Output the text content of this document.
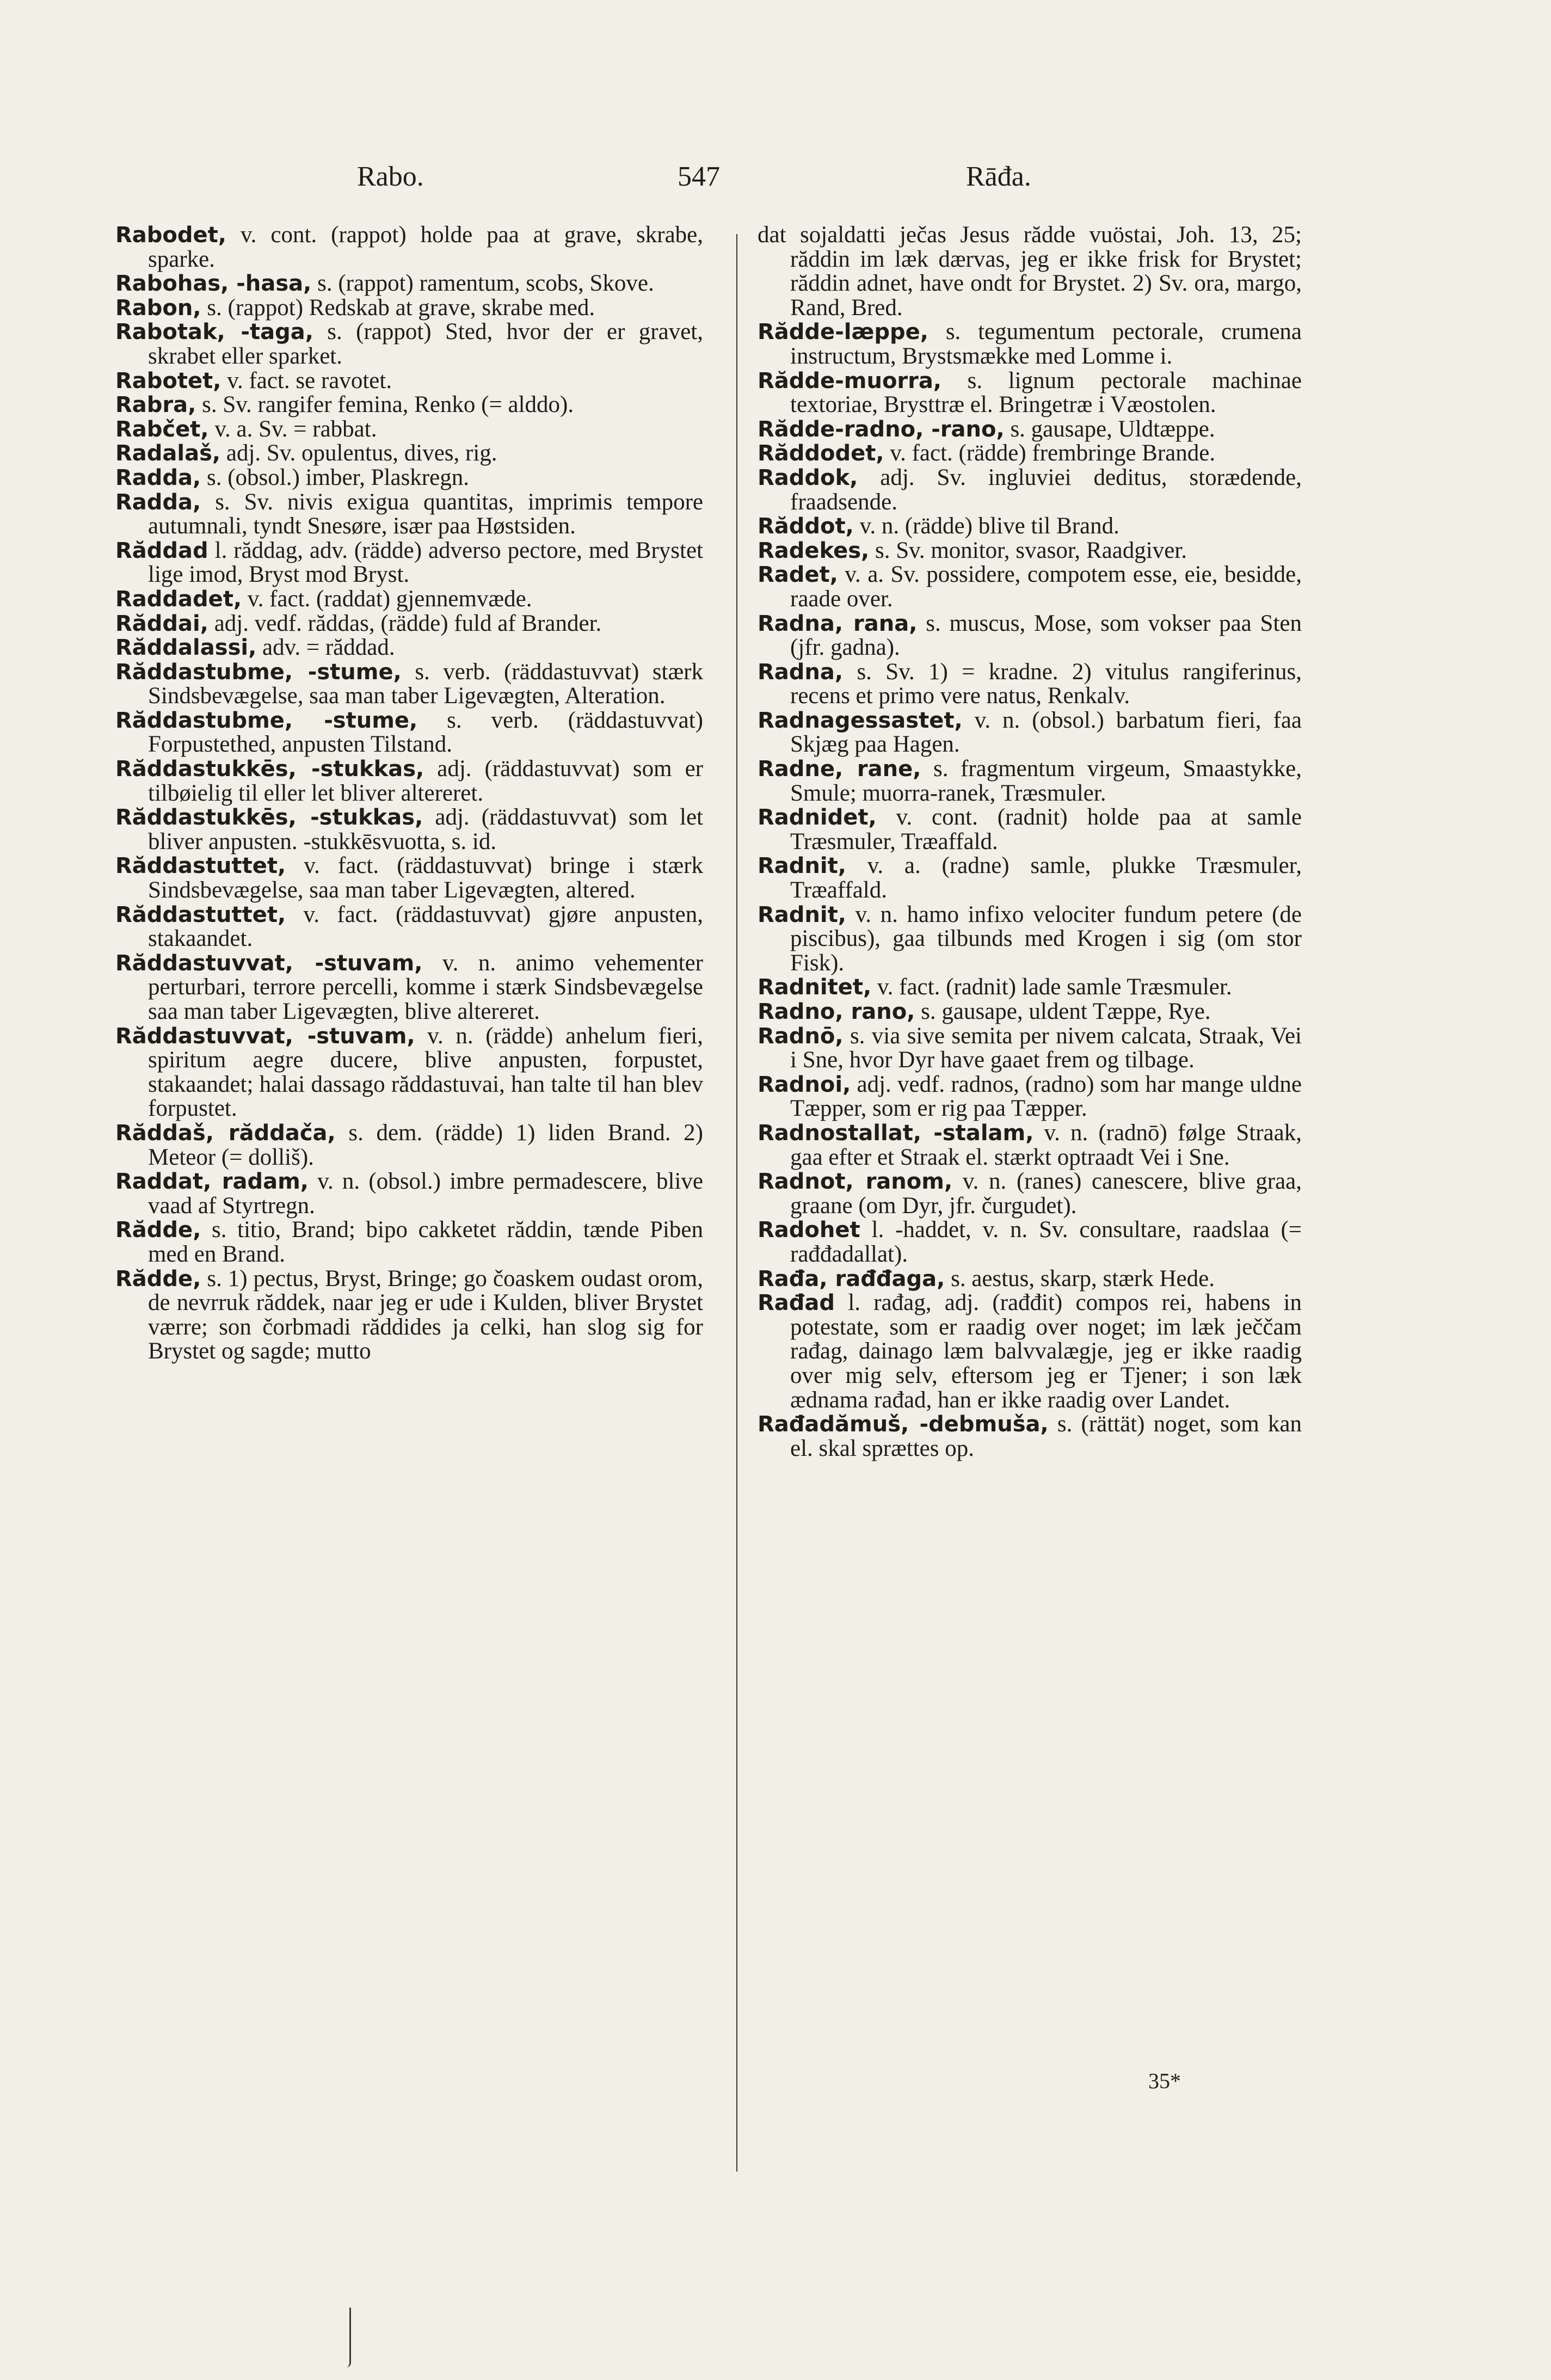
Rabo.	547	Rāđa.

Rabodet, v. cont. (rappot) holde paa at grave, skrabe, sparke.

Rabohas, -hasa, s. (rappot) ramentum, scobs, Skove.

Rabon, s. (rappot) Redskab at grave, skrabe med.

Rabotak, -taga, s. (rappot) Sted, hvor der er gravet, skrabet eller sparket.

Rabotet, v. fact. se ravotet.

Rabra, s. Sv. rangifer femina, Renko (= alddo).

Rabčet, v. a. Sv. = rabbat.

Radalaš, adj. Sv. opulentus, dives, rig.

Radda, s. (obsol.) imber, Plaskregn.

Radda, s. Sv. nivis exigua quantitas, imprimis tempore autumnali, tyndt Snesøre, især paa Høstsiden.

Răddad l. răddag, adv. (rädde) adverso pectore, med Brystet lige imod, Bryst mod Bryst.

Raddadet, v. fact. (raddat) gjennemvæde.

Răddai, adj. vedf. răddas, (rädde) fuld af Brander.

Răddalassi, adv. = răddad.

Răddastubme, -stume, s. verb. (räddastuvvat) stærk Sindsbevægelse, saa man taber Ligevægten, Alteration.

Răddastubme, -stume, s. verb. (räddastuvvat) Forpustethed, anpusten Tilstand.

Răddastukkēs, -stukkas, adj. (räddastuvvat) som er tilbøielig til eller let bliver altereret.

Răddastukkēs, -stukkas, adj. (räddastuvvat) som let bliver anpusten. -stukkēsvuotta, s. id.

Răddastuttet, v. fact. (räddastuvvat) bringe i stærk Sindsbevægelse, saa man taber Ligevægten, altered.

Răddastuttet, v. fact. (räddastuvvat) gjøre anpusten, stakaandet.

Răddastuvvat, -stuvam, v. n. animo vehementer perturbari, terrore percelli, komme i stærk Sindsbevægelse saa man taber Ligevægten, blive altereret.

Răddastuvvat, -stuvam, v. n. (rädde) anhelum fieri, spiritum aegre ducere, blive anpusten, forpustet, stakaandet; halai dassago răddastuvai, han talte til han blev forpustet.

Răddaš, răddača, s. dem. (rädde) 1) liden Brand. 2) Meteor (= dolliš).

Raddat, radam, v. n. (obsol.) imbre permadescere, blive vaad af Styrtregn.

Rădde, s. titio, Brand; bipo cakketet răddin, tænde Piben med en Brand.

Rădde, s. 1) pectus, Bryst, Bringe; go čoaskem oudast orom, de nevrruk răddek, naar jeg er ude i Kulden, bliver Brystet værre; son čorbmadi răddides ja celki, han slog sig for Brystet og sagde; mutto

dat sojaldatti ječas Jesus rădde vuöstai, Joh. 13, 25; răddin im læk dærvas, jeg er ikke frisk for Brystet; răddin adnet, have ondt for Brystet. 2) Sv. ora, margo, Rand, Bred.

Rădde-læppe, s. tegumentum pectorale, crumena instructum, Brystsmække med Lomme i.

Rădde-muorra, s. lignum pectorale machinae textoriae, Brysttræ el. Bringetræ i Væostolen.

Rădde-radno, -rano, s. gausape, Uldtæppe.

Răddodet, v. fact. (rädde) frembringe Brande.

Raddok, adj. Sv. ingluviei deditus, storædende, fraadsende.

Răddot, v. n. (rädde) blive til Brand.

Radekes, s. Sv. monitor, svasor, Raadgiver.

Radet, v. a. Sv. possidere, compotem esse, eie, besidde, raade over.

Radna, rana, s. muscus, Mose, som vokser paa Sten (jfr. gadna).

Radna, s. Sv. 1) = kradne. 2) vitulus rangiferinus, recens et primo vere natus, Renkalv.

Radnagessastet, v. n. (obsol.) barbatum fieri, faa Skjæg paa Hagen.

Radne, rane, s. fragmentum virgeum, Smaastykke, Smule; muorra-ranek, Træsmuler.

Radnidet, v. cont. (radnit) holde paa at samle Træsmuler, Træaffald.

Radnit, v. a. (radne) samle, plukke Træsmuler, Træaffald.

Radnit, v. n. hamo infixo velociter fundum petere (de piscibus), gaa tilbunds med Krogen i sig (om stor Fisk).

Radnitet, v. fact. (radnit) lade samle Træsmuler.

Radno, rano, s. gausape, uldent Tæppe, Rye.

Radnō, s. via sive semita per nivem calcata, Straak, Vei i Sne, hvor Dyr have gaaet frem og tilbage.

Radnoi, adj. vedf. radnos, (radno) som har mange uldne Tæpper, som er rig paa Tæpper.

Radnostallat, -stalam, v. n. (radnō) følge Straak, gaa efter et Straak el. stærkt optraadt Vei i Sne.

Radnot, ranom, v. n. (ranes) canescere, blive graa, graane (om Dyr, jfr. čurgudet).

Radohet l. -haddet, v. n. Sv. consultare, raadslaa (= rađđadallat).

Rađa, rađđaga, s. aestus, skarp, stærk Hede.

Rađad l. rađag, adj. (rađđit) compos rei, habens in potestate, som er raadig over noget; im læk ječčam rađag, dainago læm balvvalægje, jeg er ikke raadig over mig selv, eftersom jeg er Tjener; i son læk ædnama rađad, han er ikke raadig over Landet.

Rađadămuš, -debmuša, s. (rättät) noget, som kan el. skal sprættes op.

35*
